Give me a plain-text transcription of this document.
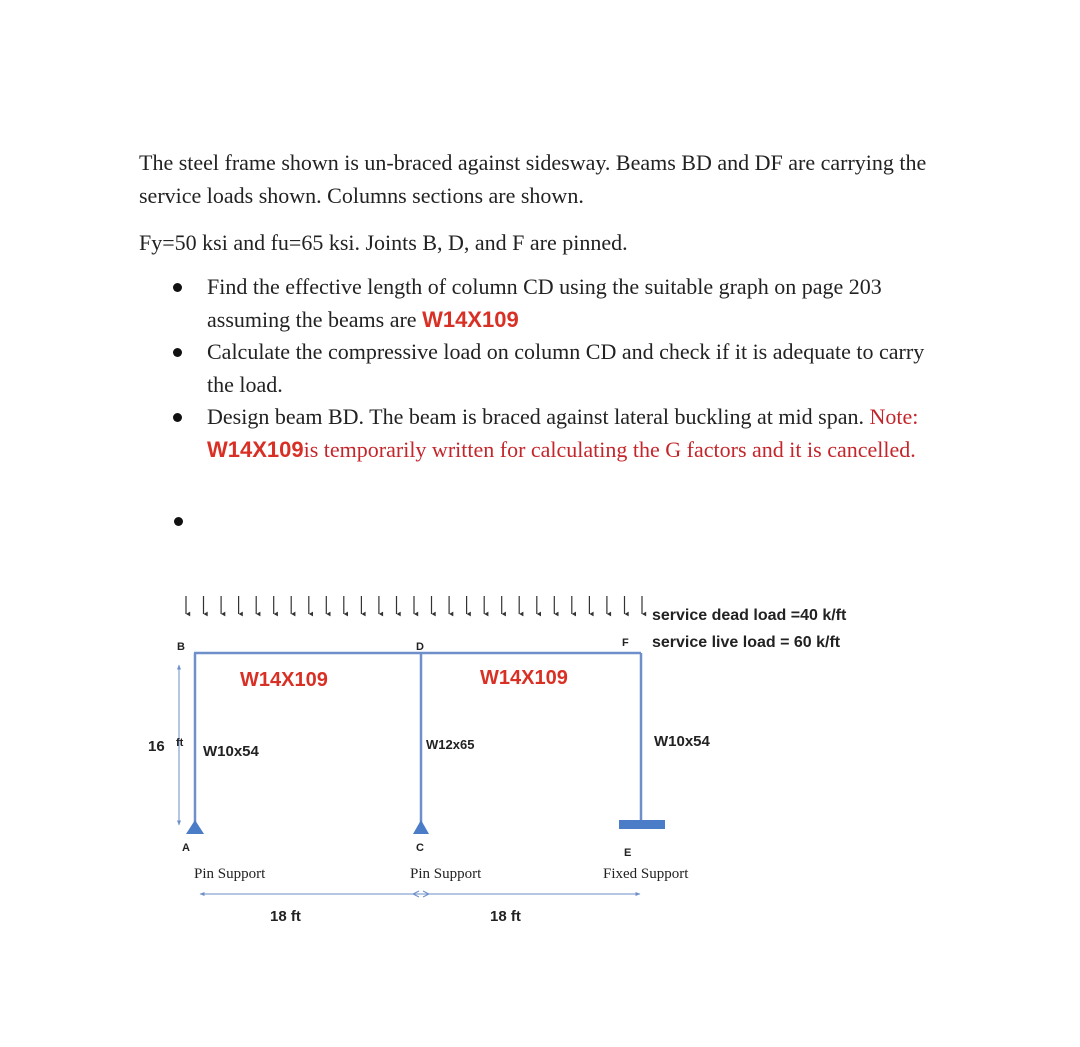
The steel frame shown is un-braced against sidesway. Beams BD and DF are carrying the service loads shown. Columns sections are shown.

Fy=50 ksi and fu=65 ksi. Joints B, D, and F are pinned.

Find the effective length of column CD using the suitable graph on page 203 assuming the beams are W14X109
Calculate the compressive load on column CD and check if it is adequate to carry the load.
Design beam BD. The beam is braced against lateral buckling at mid span. Note: W14X109is temporarily written for calculating the G factors and it is cancelled.
16 ft
18 ft	18 ft
B	D	F
A	C	E
service dead load =40 k/ft
service live load = 60 k/ft
W14X109	W14X109
W10x54	W12x65	W10x54
Pin Support	Pin Support	Fixed Support
